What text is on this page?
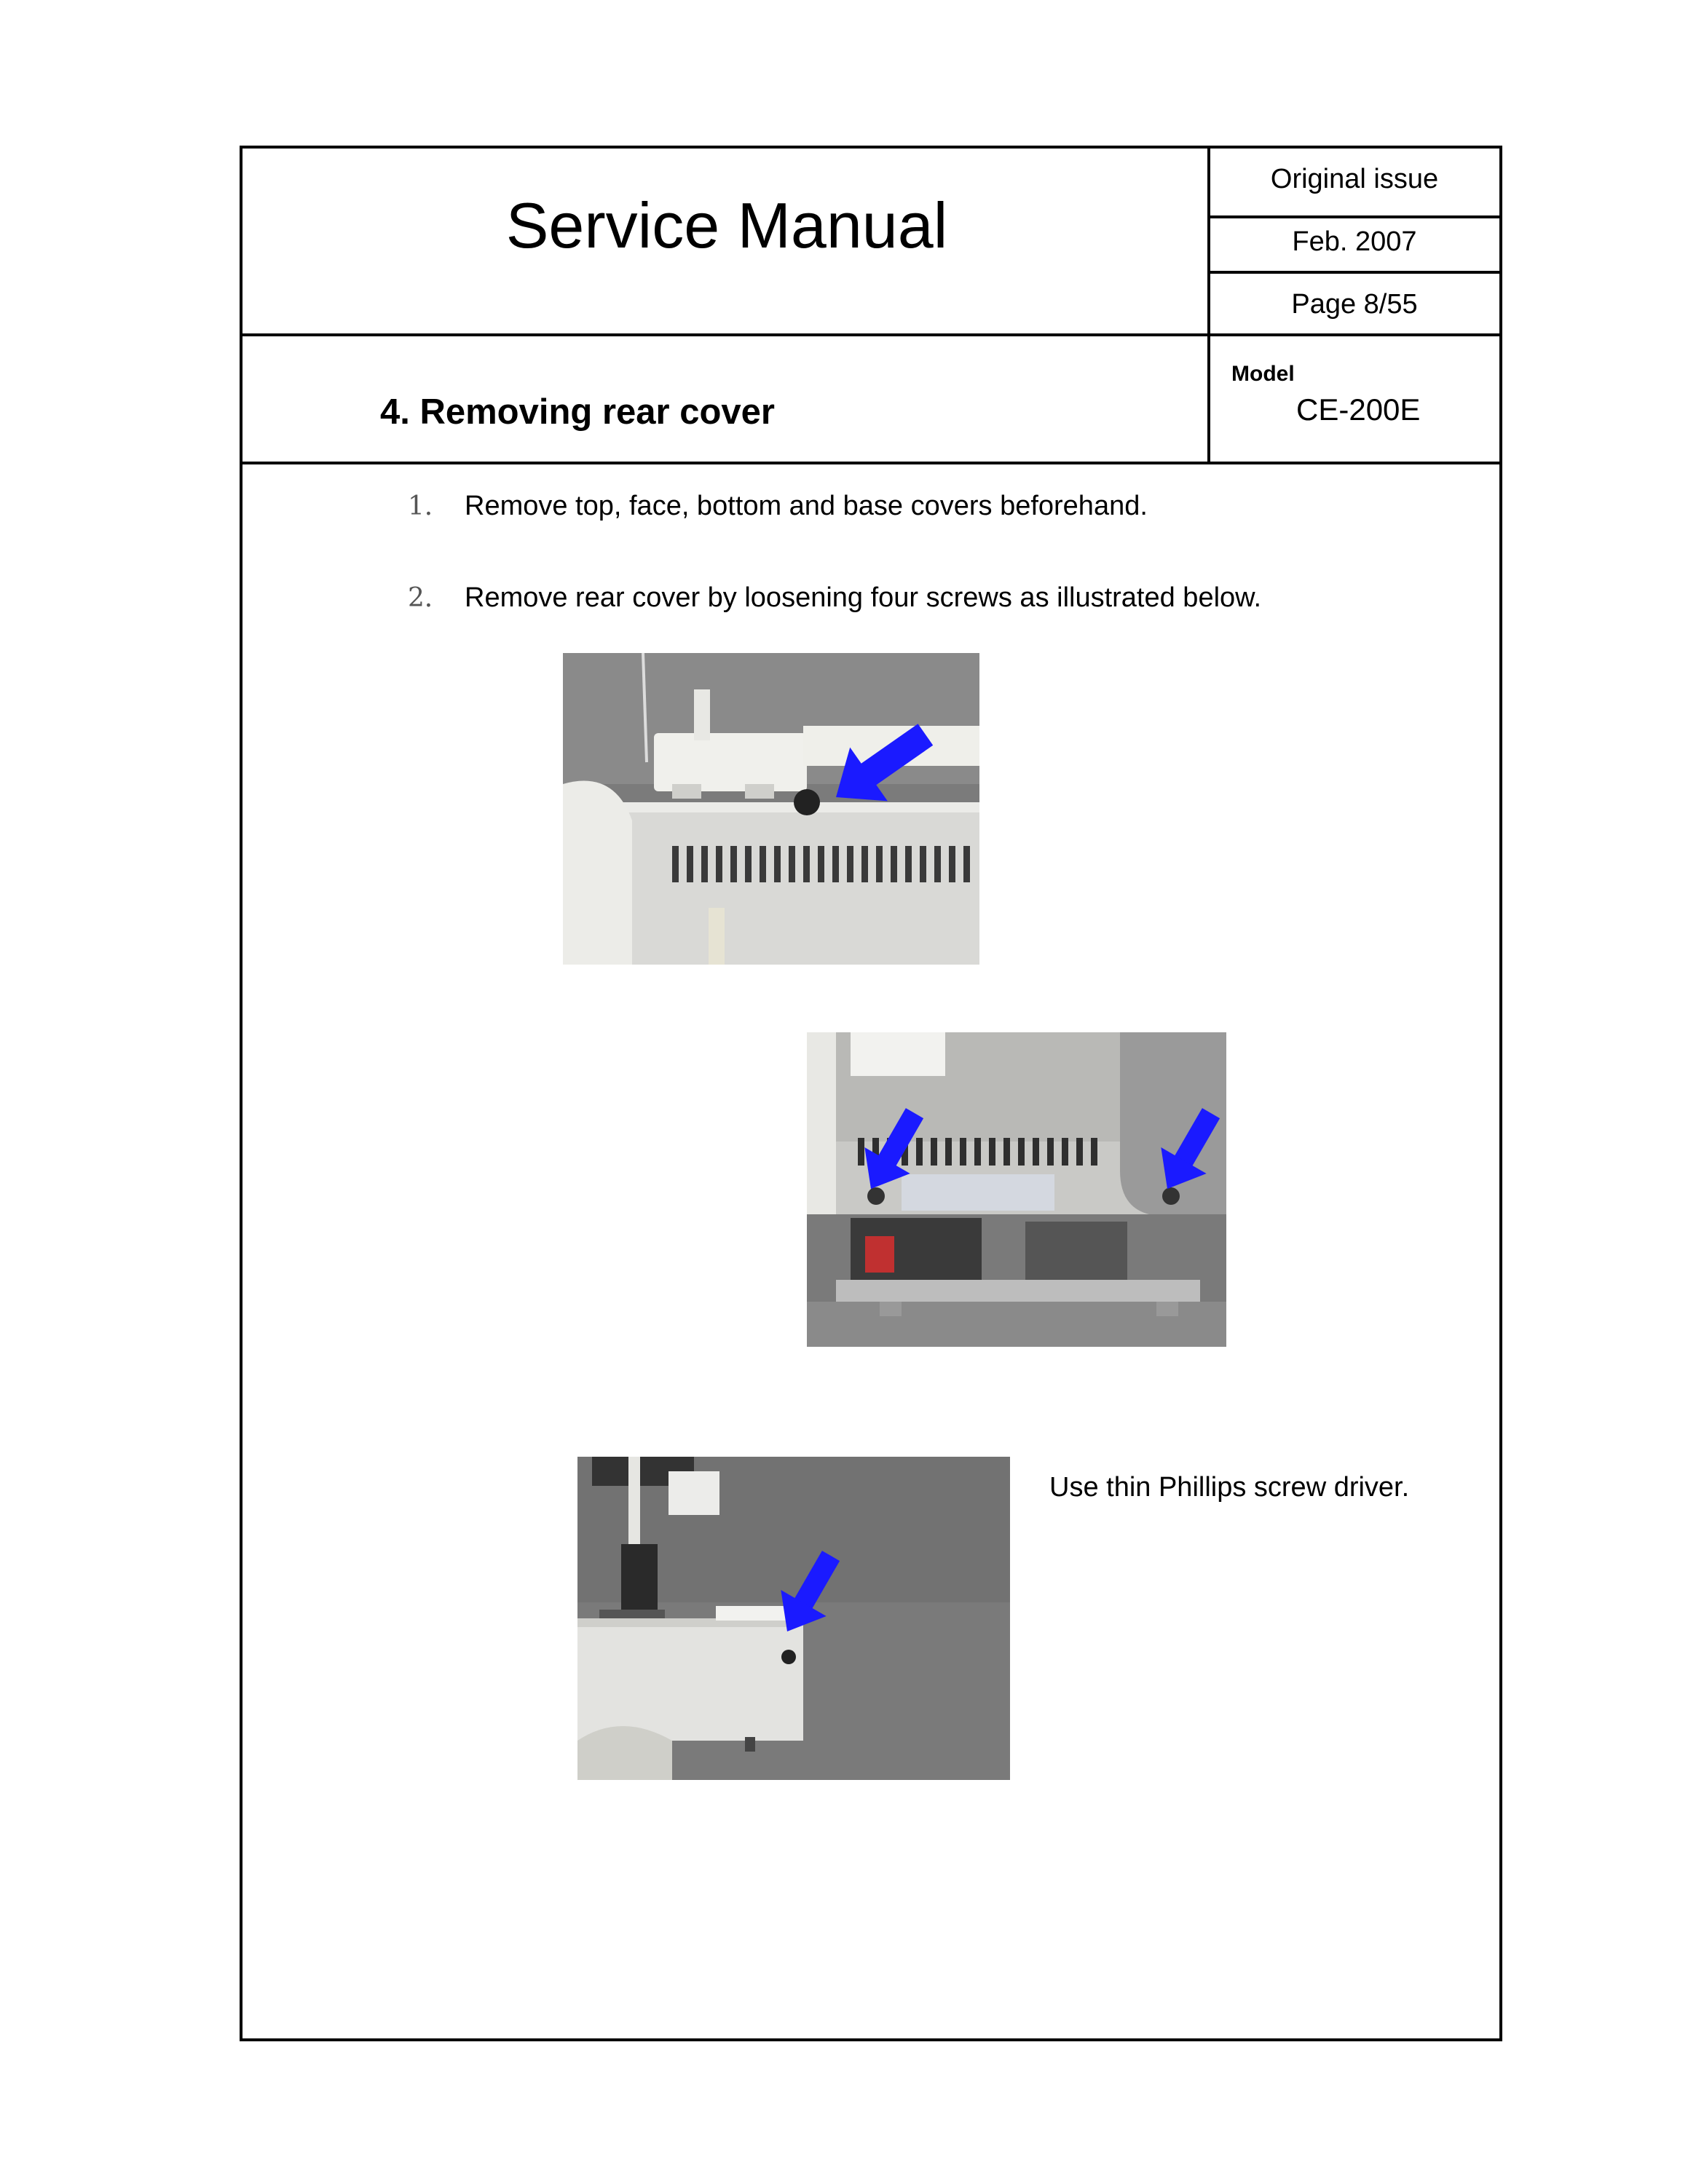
Service Manual
Original issue
Feb. 2007
Page 8/55
4. Removing rear cover
Model
CE-200E
1． Remove top, face, bottom and base covers beforehand.
2． Remove rear cover by loosening four screws as illustrated below.
Use thin Phillips screw driver.
